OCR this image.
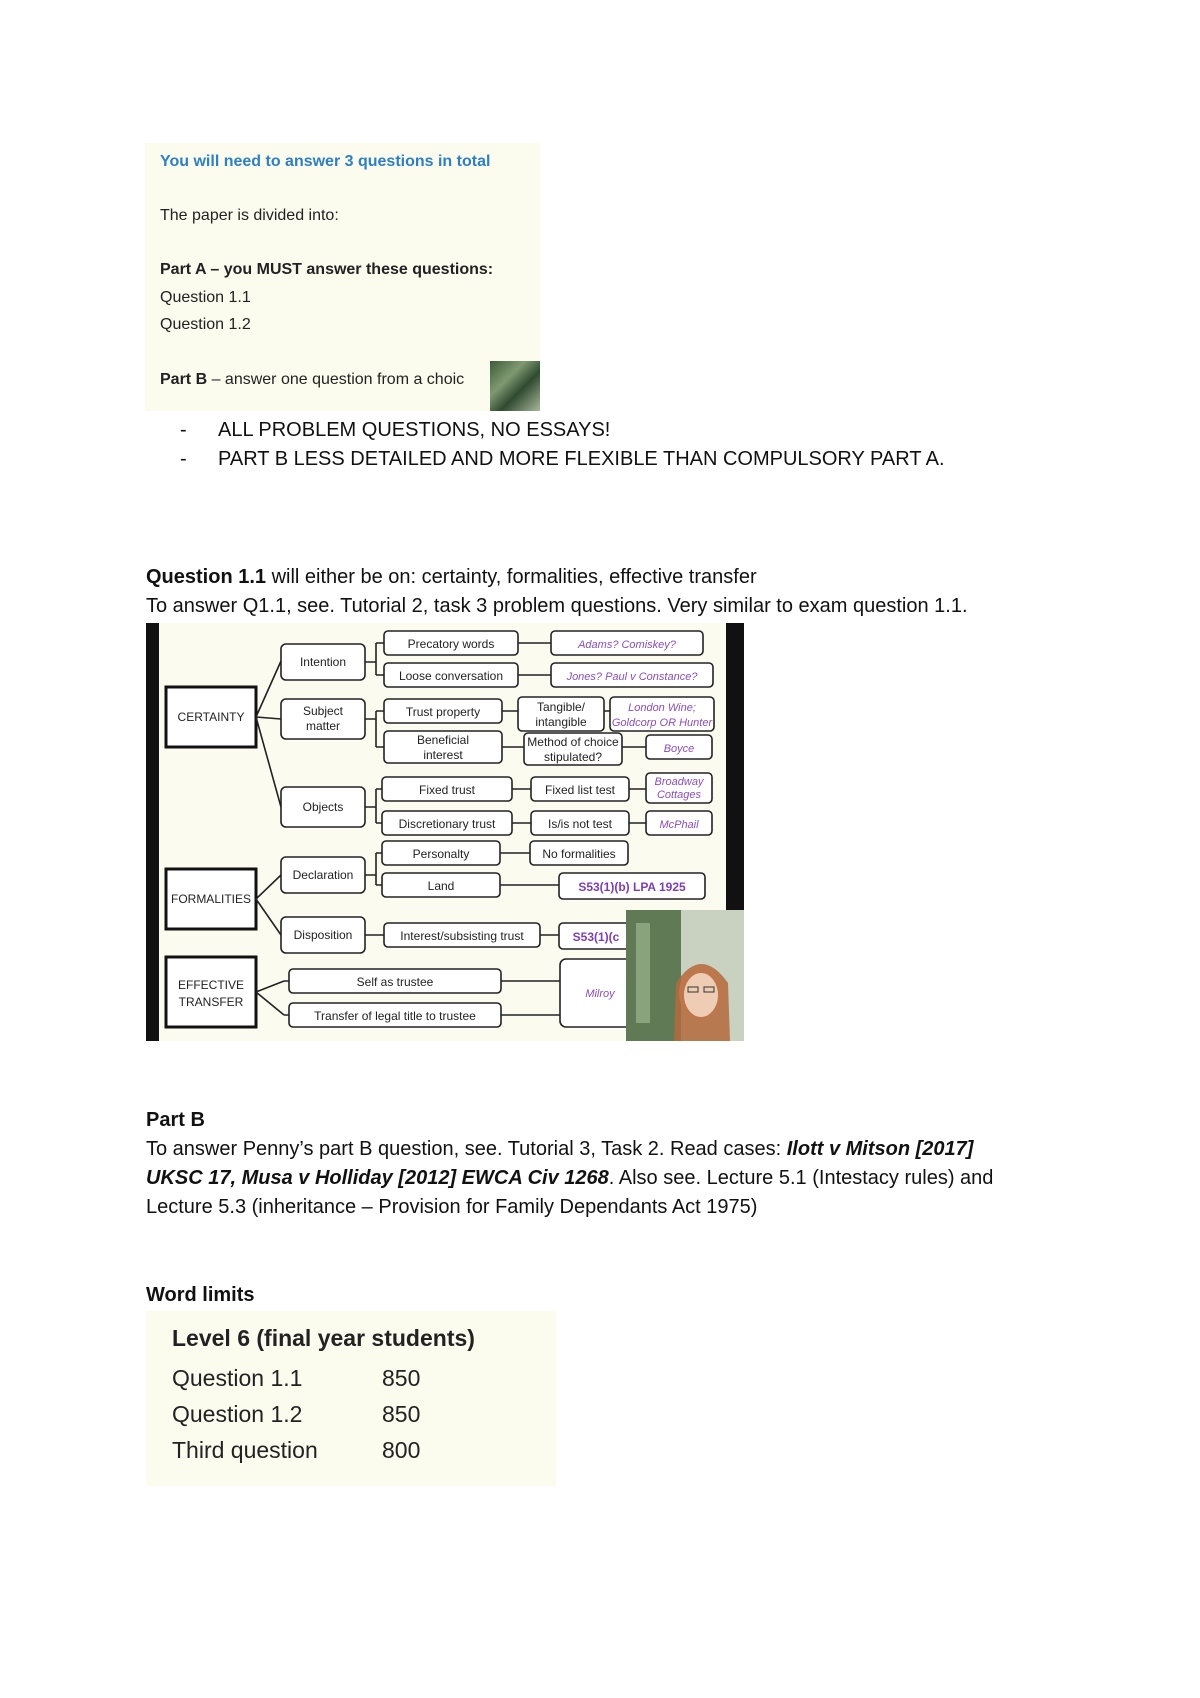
You will need to answer 3 questions in total
The paper is divided into:
Part A – you MUST answer these questions:
Question 1.1
Question 1.2
Part B – answer one question from a choic
- ALL PROBLEM QUESTIONS, NO ESSAYS!
- PART B LESS DETAILED AND MORE FLEXIBLE THAN COMPULSORY PART A.
Question 1.1 will either be on: certainty, formalities, effective transfer
To answer Q1.1, see. Tutorial 2, task 3 problem questions. Very similar to exam question 1.1.
CERTAINTY
FORMALITIES
EFFECTIVE
TRANSFER
Intention
Subject
matter
Objects
Declaration
Disposition
Precatory words
Loose conversation
Trust property
Beneficial
interest
Fixed trust
Discretionary trust
Personalty
Land
Interest/subsisting trust
Self as trustee
Transfer of legal title to trustee
Tangible/
intangible
Method of choice
stipulated?
Fixed list test
Is/is not test
No formalities
S53(1)(b) LPA 1925
S53(1)(c
Milroy
Adams? Comiskey?
Jones? Paul v Constance?
London Wine;
Goldcorp OR Hunter
Boyce
Broadway
Cottages
McPhail
Part B
To answer Penny’s part B question, see. Tutorial 3, Task 2. Read cases: Ilott v Mitson [2017]
UKSC 17, Musa v Holliday [2012] EWCA Civ 1268. Also see. Lecture 5.1 (Intestacy rules) and
Lecture 5.3 (inheritance – Provision for Family Dependants Act 1975)
Word limits
Level 6 (final year students)
Question 1.1	850
Question 1.2	850
Third question	800
